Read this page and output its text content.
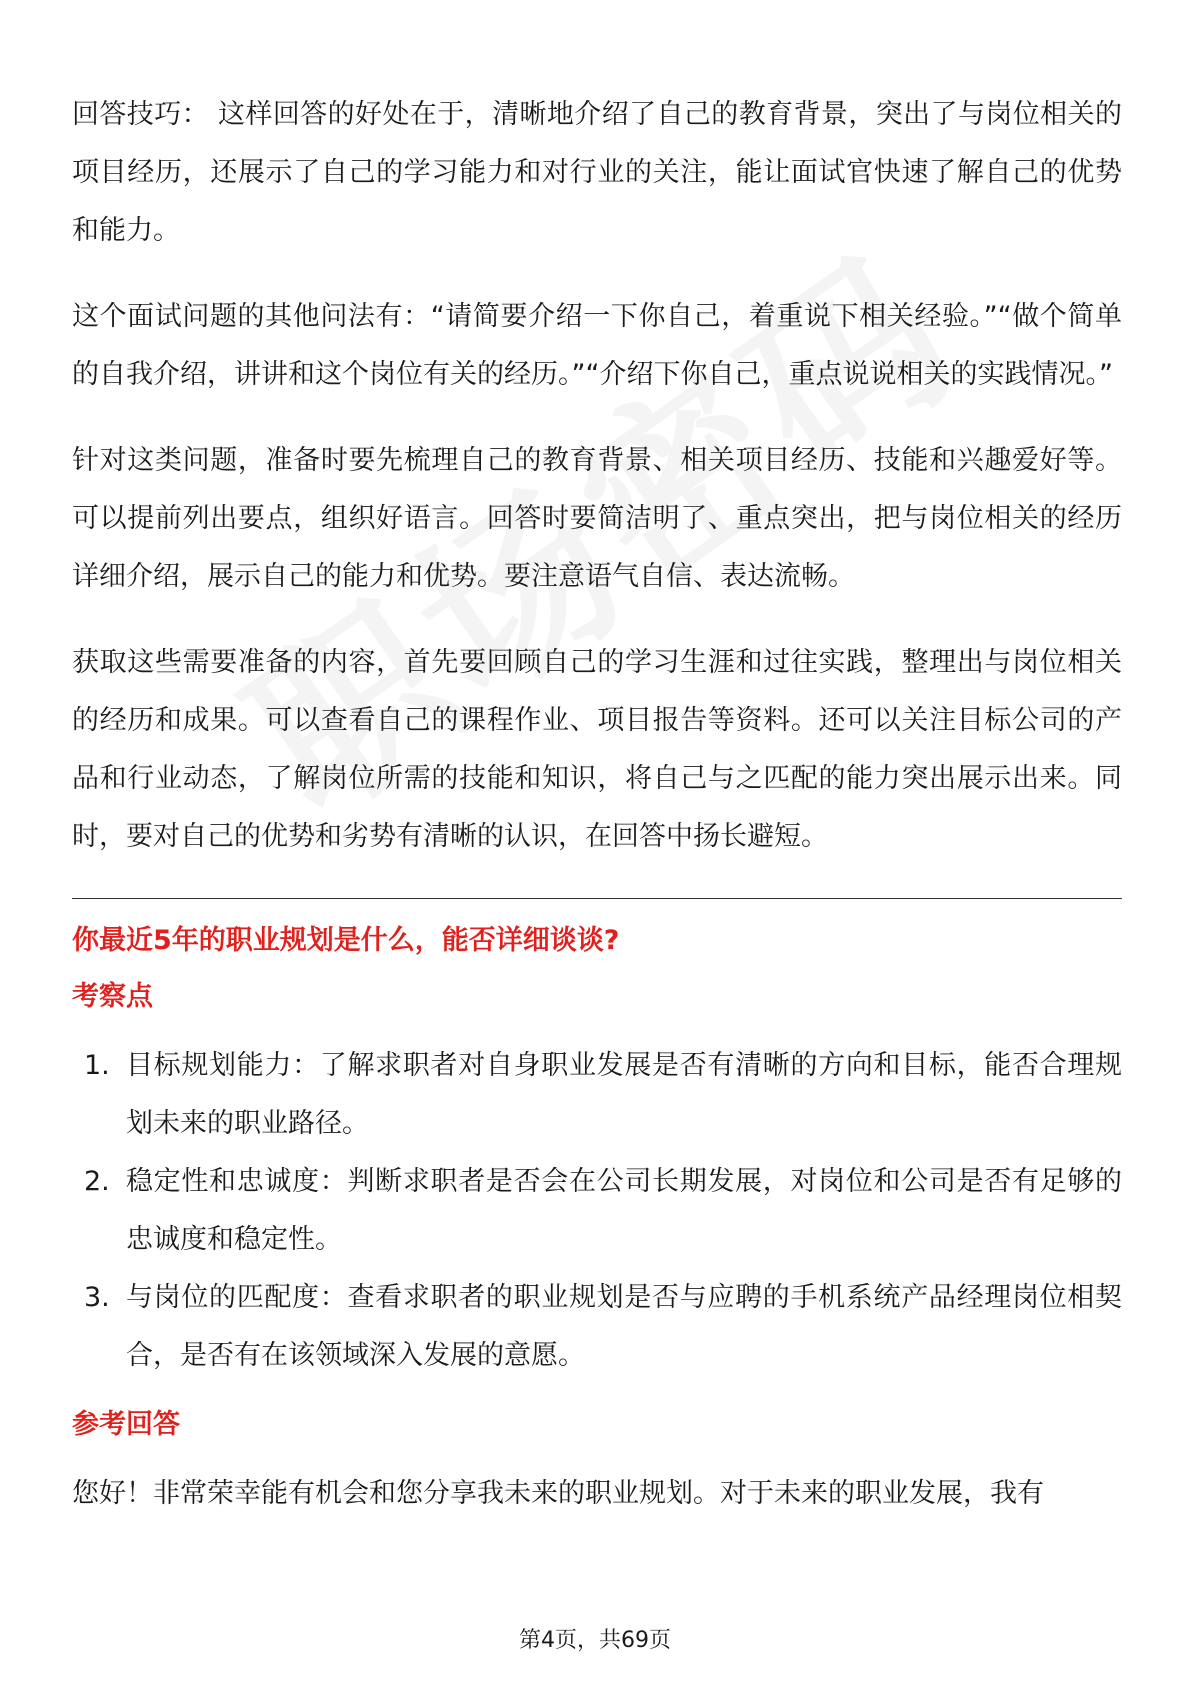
回答技巧： 这样回答的好处在于，清晰地介绍了自己的教育背景，突出了与岗位相关的项目经历，还展示了自己的学习能力和对行业的关注，能让面试官快速了解自己的优势和能力。

这个面试问题的其他问法有：“请简要介绍一下你自己，着重说下相关经验。”“做个简单的自我介绍，讲讲和这个岗位有关的经历。”“介绍下你自己，重点说说相关的实践情况。”

针对这类问题，准备时要先梳理自己的教育背景、相关项目经历、技能和兴趣爱好等。可以提前列出要点，组织好语言。回答时要简洁明了、重点突出，把与岗位相关的经历详细介绍，展示自己的能力和优势。要注意语气自信、表达流畅。

获取这些需要准备的内容，首先要回顾自己的学习生涯和过往实践，整理出与岗位相关的经历和成果。可以查看自己的课程作业、项目报告等资料。还可以关注目标公司的产品和行业动态，了解岗位所需的技能和知识，将自己与之匹配的能力突出展示出来。同时，要对自己的优势和劣势有清晰的认识，在回答中扬长避短。

你最近5年的职业规划是什么，能否详细谈谈?
考察点
1. 目标规划能力：了解求职者对自身职业发展是否有清晰的方向和目标，能否合理规划未来的职业路径。
2. 稳定性和忠诚度：判断求职者是否会在公司长期发展，对岗位和公司是否有足够的忠诚度和稳定性。
3. 与岗位的匹配度：查看求职者的职业规划是否与应聘的手机系统产品经理岗位相契合，是否有在该领域深入发展的意愿。
参考回答

您好！非常荣幸能有机会和您分享我未来的职业规划。对于未来的职业发展，我有

第4页，共69页
